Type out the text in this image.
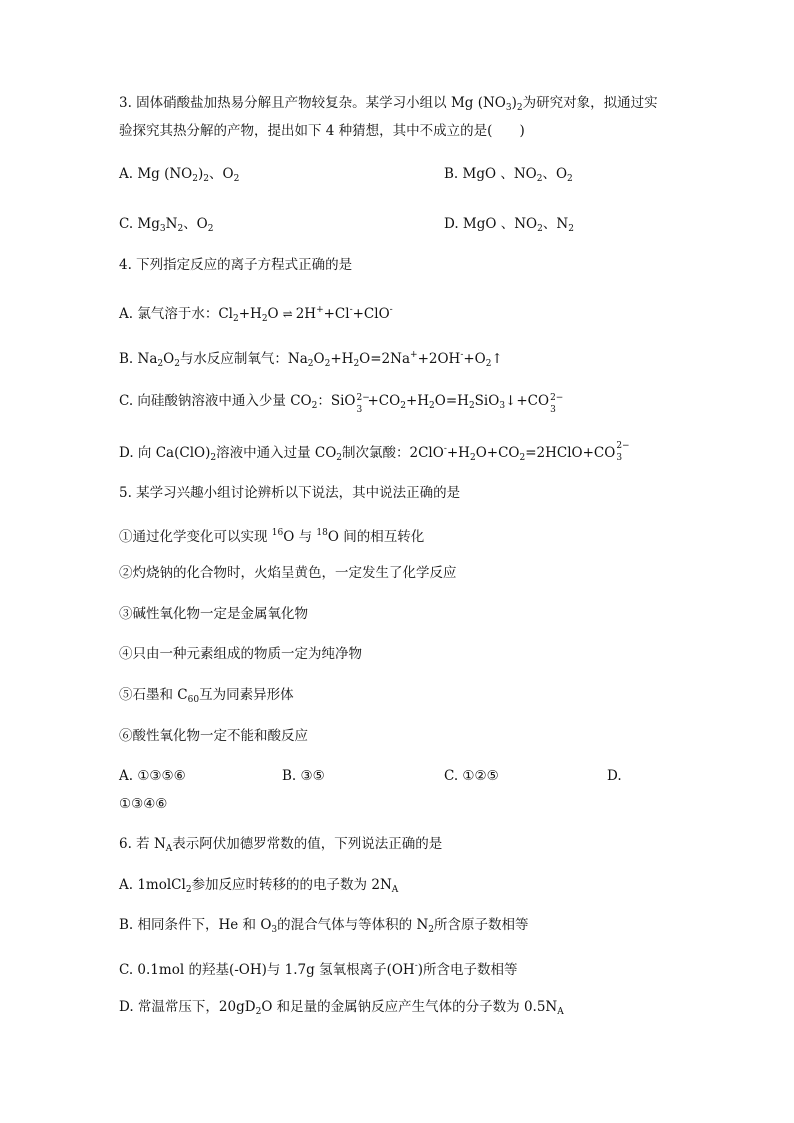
3. 固体硝酸盐加热易分解且产物较复杂。某学习小组以 Mg $(NO_3)_2$为研究对象，拟通过实
验探究其热分解的产物，提出如下 4 种猜想，其中不成立的是(　　)
A. Mg $(NO_2)_2$、$O_2$	B. MgO 、$NO_2$、$O_2$
C. $Mg_3N_2$、$O_2$	D. MgO 、$NO_2$、$N_2$
4. 下列指定反应的离子方程式正确的是
A. 氯气溶于水：$Cl_2+H_2O$ ⇌ 2H++Cl-+ClO-
B. $Na_2O_2$与水反应制氧气：$Na_2O_2+H_2O=2Na^++2OH^-+O_2↑$
C. 向硅酸钠溶液中通入少量 $CO_2$：SiO 2−
3
$+CO_2+H_2O=H_2SiO_3↓+CO$ 2−
3
D. 向 $Ca(ClO)_2$溶液中通入过量 $CO_2$制次氯酸：$2ClO^-+H_2O+CO_2=2HClO+CO$ 2−
3
5. 某学习兴趣小组讨论辨析以下说法，其中说法正确的是
①通过化学变化可以实现 $^{16}$O 与 $^{18}$O 间的相互转化
②灼烧钠的化合物时，火焰呈黄色，一定发生了化学反应
③碱性氧化物一定是金属氧化物
④只由一种元素组成的物质一定为纯净物
⑤石墨和 $C_{60}$互为同素异形体
⑥酸性氧化物一定不能和酸反应
A. ①③⑤⑥	B. ③⑤	C. ①②⑤	D.
①③④⑥
6. 若 $N_A$表示阿伏加德罗常数的值，下列说法正确的是
A. 1molCl$_2$参加反应时转移的的电子数为 $2N_A$
B. 相同条件下，He 和 $O_3$的混合气体与等体积的 $N_2$所含原子数相等
C. 0.1mol 的羟基(-OH)与 1.7g 氢氧根离子(OH-)所含电子数相等
D. 常温常压下，$20gD_2O$ 和足量的金属钠反应产生气体的分子数为 $0.5N_A$
